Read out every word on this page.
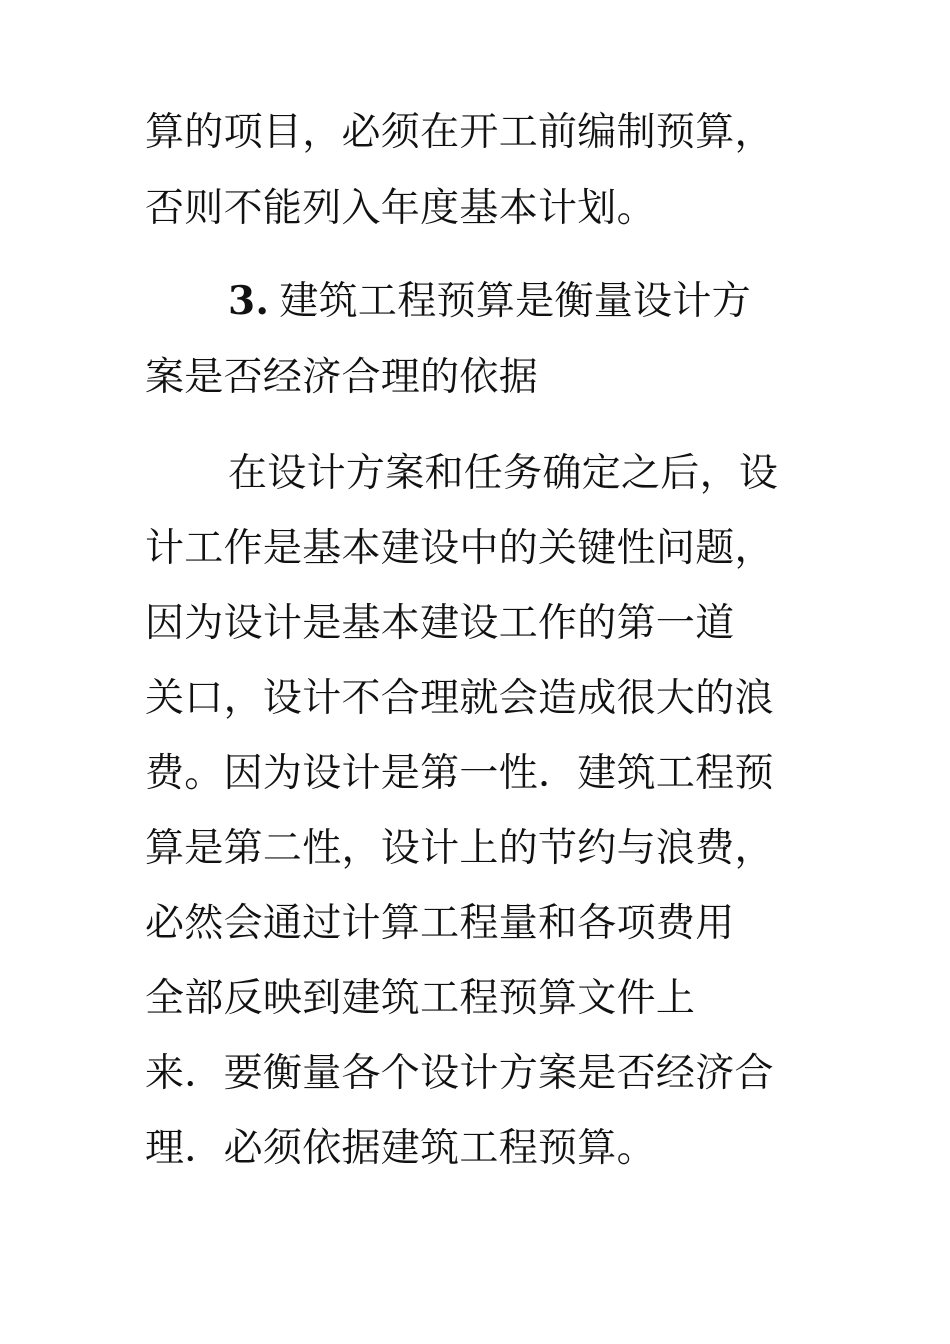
算的项目，必须在开工前编制预算，
否则不能列入年度基本计划。
3. 建筑工程预算是衡量设计方
案是否经济合理的依据
在设计方案和任务确定之后，设
计工作是基本建设中的关键性问题，
因为设计是基本建设工作的第一道
关口，设计不合理就会造成很大的浪
费。因为设计是第一性．建筑工程预
算是第二性，设计上的节约与浪费，
必然会通过计算工程量和各项费用
全部反映到建筑工程预算文件上
来．要衡量各个设计方案是否经济合
理．必须依据建筑工程预算。
